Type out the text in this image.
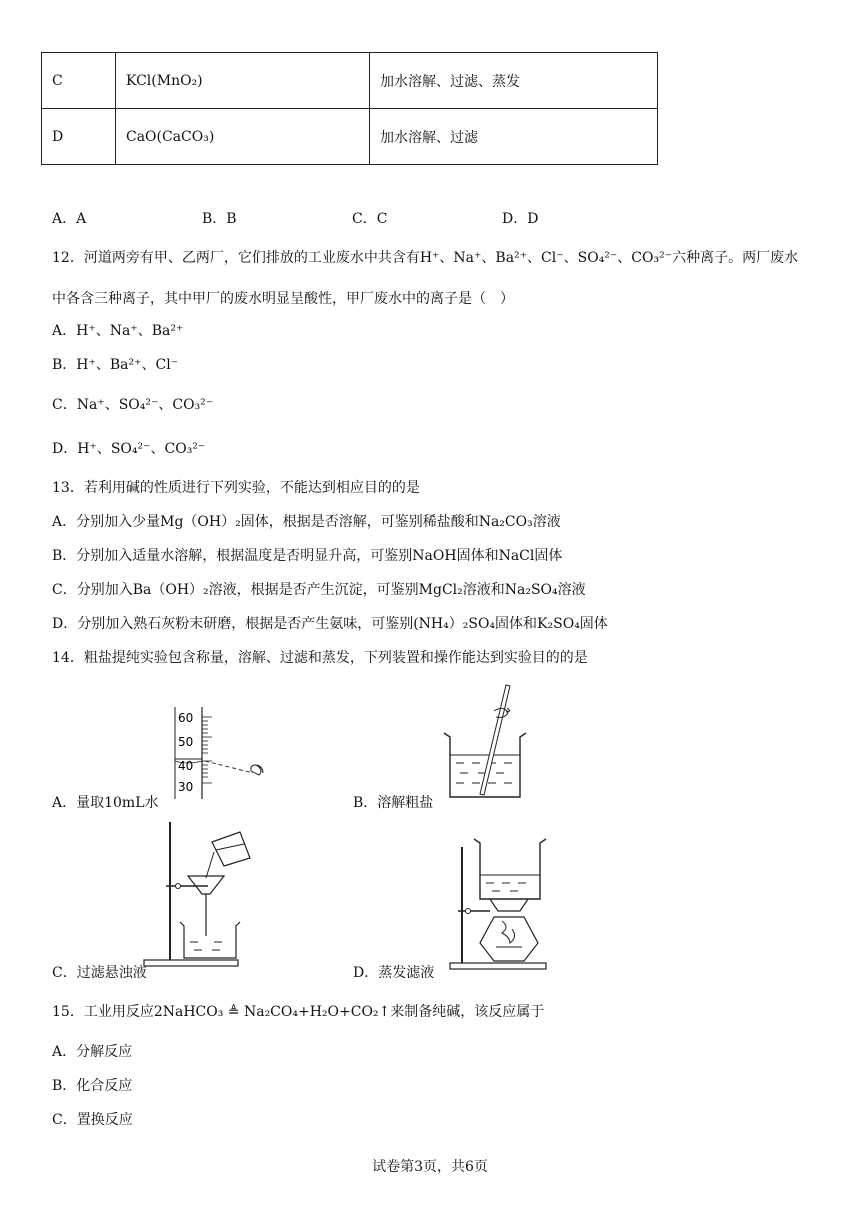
C	KCl(MnO₂)	加水溶解、过滤、蒸发
D	CaO(CaCO₃)	加水溶解、过滤
A．A	B．B	C．C	D．D
12．河道两旁有甲、乙两厂，它们排放的工业废水中共含有H⁺、Na⁺、Ba²⁺、Cl⁻、SO₄²⁻、CO₃²⁻六种离子。两厂废水
中各含三种离子，其中甲厂的废水明显呈酸性，甲厂废水中的离子是（　）
A．H⁺、Na⁺、Ba²⁺
B．H⁺、Ba²⁺、Cl⁻
C．Na⁺、SO₄²⁻、CO₃²⁻
D．H⁺、SO₄²⁻、CO₃²⁻
13．若利用碱的性质进行下列实验，不能达到相应目的的是
A．分别加入少量Mg（OH）₂固体，根据是否溶解，可鉴别稀盐酸和Na₂CO₃溶液
B．分别加入适量水溶解，根据温度是否明显升高，可鉴别NaOH固体和NaCl固体
C．分别加入Ba（OH）₂溶液，根据是否产生沉淀，可鉴别MgCl₂溶液和Na₂SO₄溶液
D．分别加入熟石灰粉末研磨，根据是否产生氨味，可鉴别(NH₄）₂SO₄固体和K₂SO₄固体
14．粗盐提纯实验包含称量，溶解、过滤和蒸发，下列装置和操作能达到实验目的的是
60
50
40
30
A．量取10mL水	B．溶解粗盐
C．过滤悬浊液	D．蒸发滤液
15．工业用反应2NaHCO₃ ≜ Na₂CO₄+H₂O+CO₂↑来制备纯碱，该反应属于
A．分解反应
B．化合反应
C．置换反应
试卷第3页，共6页
